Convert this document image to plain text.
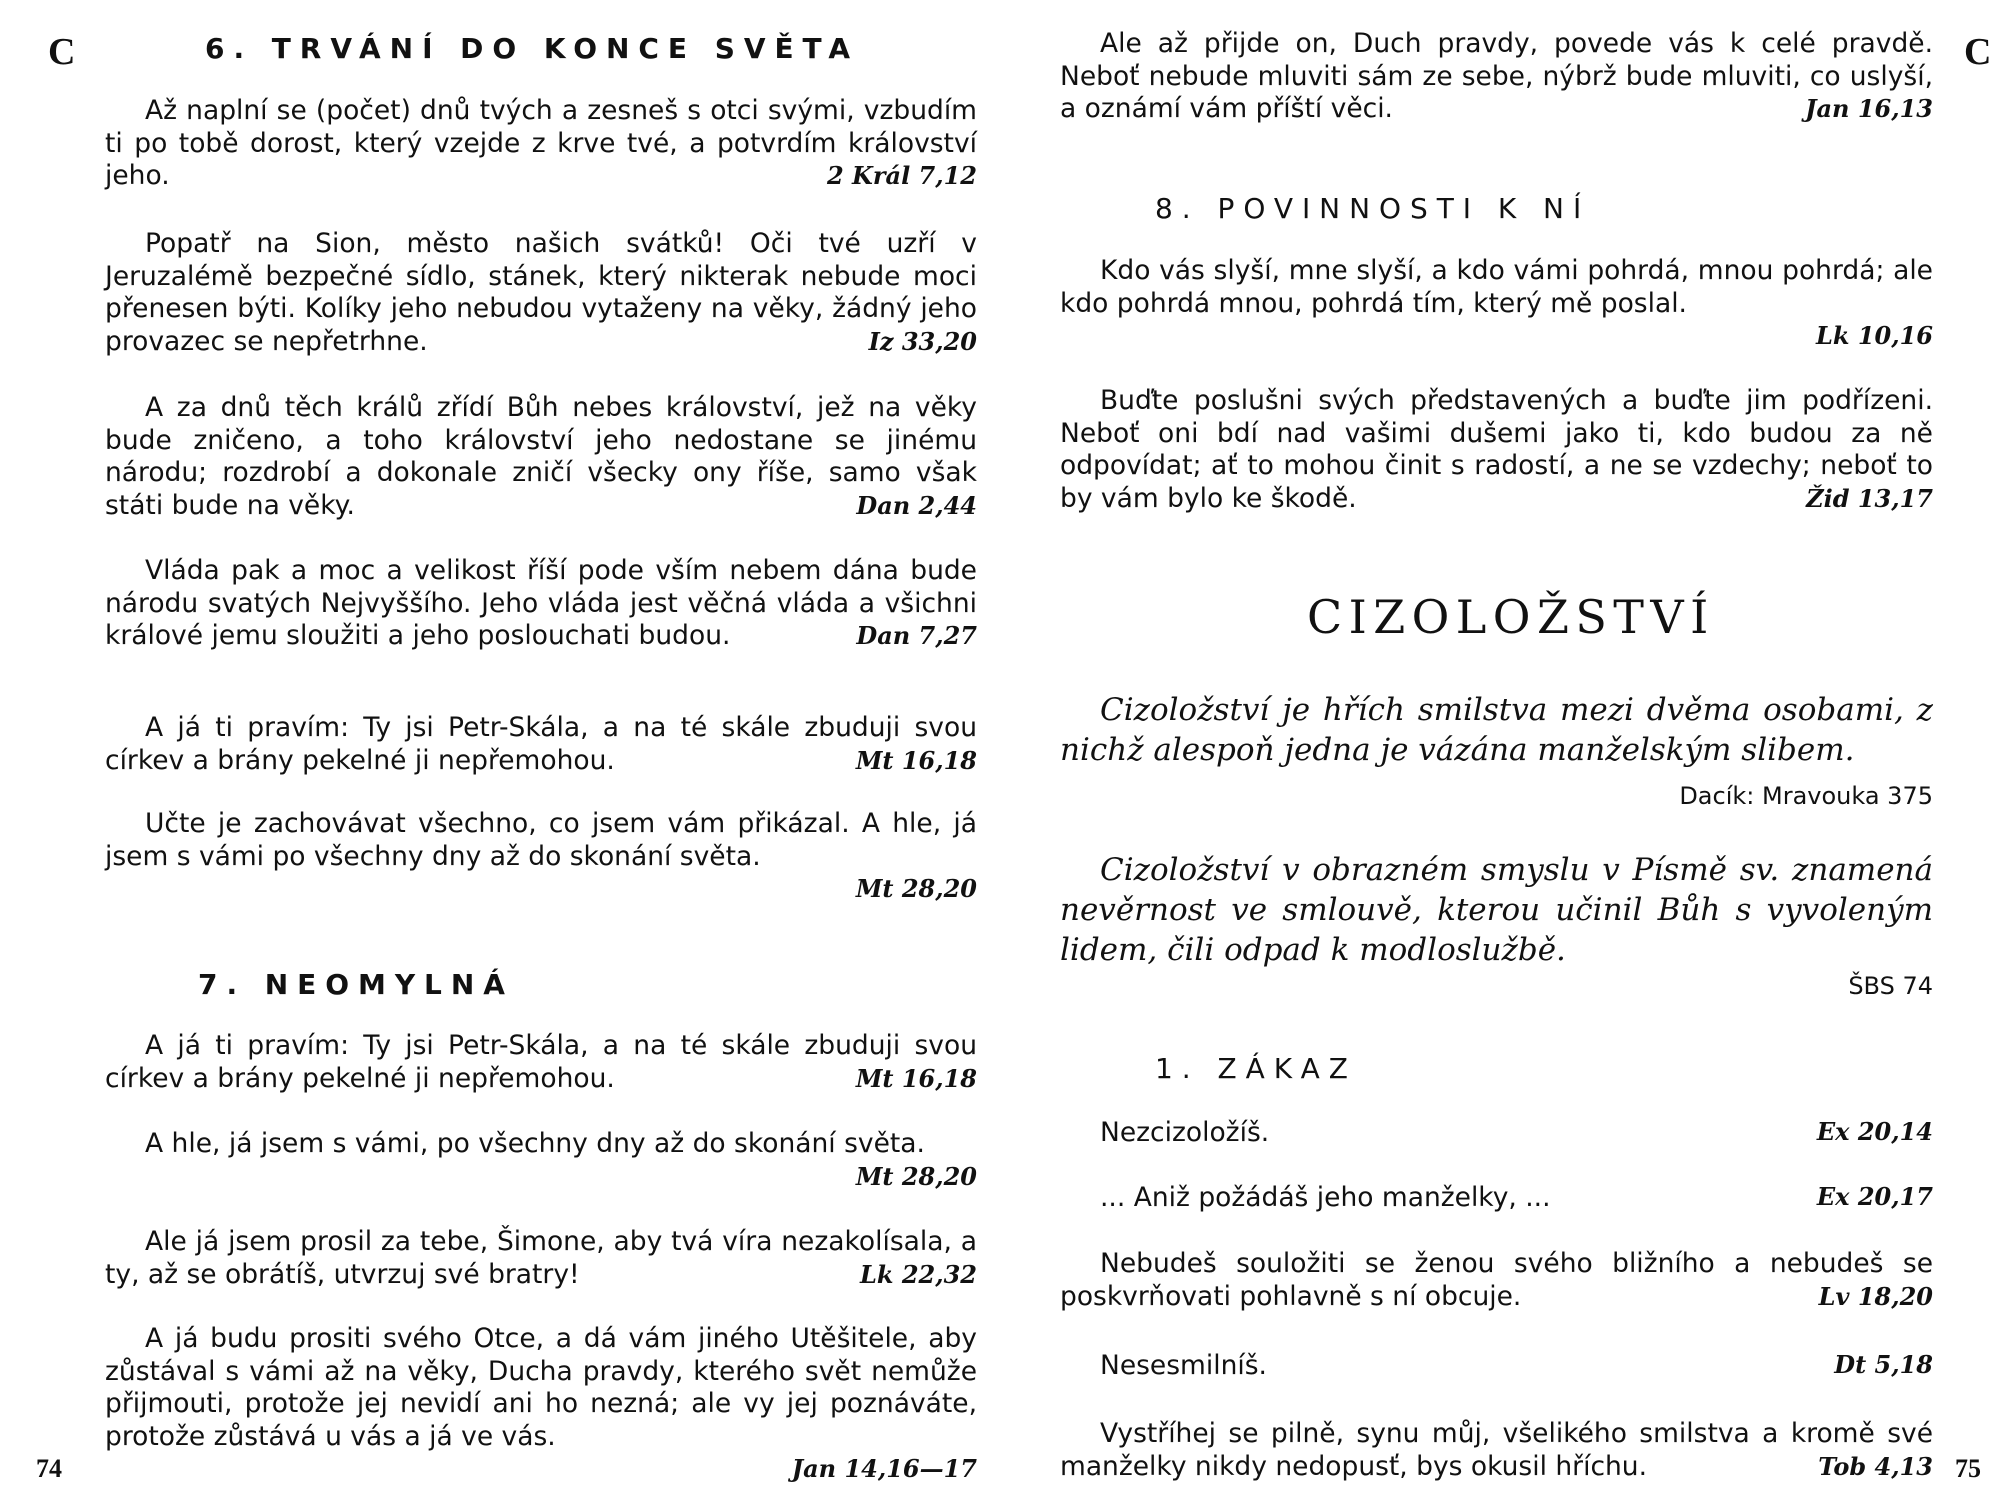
C	6. TRVÁNÍ DO KONCE SVĚTA
Až naplní se (počet) dnů tvých a zesneš s otci svými, vzbudím ti po tobě dorost, který vzejde z krve tvé, a potvrdím království jeho.	2 Král 7,12
Popatř na Sion, město našich svátků! Oči tvé uzří v Jeruzalémě bezpečné sídlo, stánek, který nikterak nebude moci přenesen býti. Kolíky jeho nebudou vytaženy na věky, žádný jeho provazec se nepřetrhne.	Iz 33,20
A za dnů těch králů zřídí Bůh nebes království, jež na věky bude zničeno, a toho království jeho nedostane se jinému národu; rozdrobí a dokonale zničí všecky ony říše, samo však státi bude na věky.	Dan 2,44
Vláda pak a moc a velikost říší pode vším nebem dána bude národu svatých Nejvyššího. Jeho vláda jest věčná vláda a všichni králové jemu sloužiti a jeho poslouchati budou.	Dan 7,27
A já ti pravím: Ty jsi Petr-Skála, a na té skále zbuduji svou církev a brány pekelné ji nepřemohou.	Mt 16,18
Učte je zachovávat všechno, co jsem vám přikázal. A hle, já jsem s vámi po všechny dny až do skonání světa.
Mt 28,20
7. NEOMYLNÁ
A já ti pravím: Ty jsi Petr-Skála, a na té skále zbuduji svou církev a brány pekelné ji nepřemohou.	Mt 16,18
A hle, já jsem s vámi, po všechny dny až do skonání světa.
Mt 28,20
Ale já jsem prosil za tebe, Šimone, aby tvá víra nezakolísala, a ty, až se obrátíš, utvrzuj své bratry!	Lk 22,32
A já budu prositi svého Otce, a dá vám jiného Utěšitele, aby zůstával s vámi až na věky, Ducha pravdy, kterého svět nemůže přijmouti, protože jej nevidí ani ho nezná; ale vy jej poznáváte, protože zůstává u vás a já ve vás.
Jan 14,16—17
74
C
Ale až přijde on, Duch pravdy, povede vás k celé pravdě. Neboť nebude mluviti sám ze sebe, nýbrž bude mluviti, co uslyší, a oznámí vám příští věci.	Jan 16,13
8. POVINNOSTI K NÍ
Kdo vás slyší, mne slyší, a kdo vámi pohrdá, mnou pohrdá; ale kdo pohrdá mnou, pohrdá tím, který mě poslal.
Lk 10,16
Buďte poslušni svých představených a buďte jim podřízeni. Neboť oni bdí nad vašimi dušemi jako ti, kdo budou za ně odpovídat; ať to mohou činit s radostí, a ne se vzdechy; neboť to by vám bylo ke škodě.	Žid 13,17
CIZOLOŽSTVÍ
Cizoložství je hřích smilstva mezi dvěma osobami, z nichž alespoň jedna je vázána manželským slibem.
Dacík: Mravouka 375
Cizoložství v obrazném smyslu v Písmě sv. znamená nevěrnost ve smlouvě, kterou učinil Bůh s vyvoleným lidem, čili odpad k modloslužbě.
ŠBS 74
1. ZÁKAZ
Nezcizoložíš.	Ex 20,14
... Aniž požádáš jeho manželky, ...	Ex 20,17
Nebudeš souložiti se ženou svého bližního a nebudeš se poskvrňovati pohlavně s ní obcuje.	Lv 18,20
Nesesmilníš.	Dt 5,18
Vystříhej se pilně, synu můj, všelikého smilstva a kromě své manželky nikdy nedopusť, bys okusil hříchu.	Tob 4,13 75
